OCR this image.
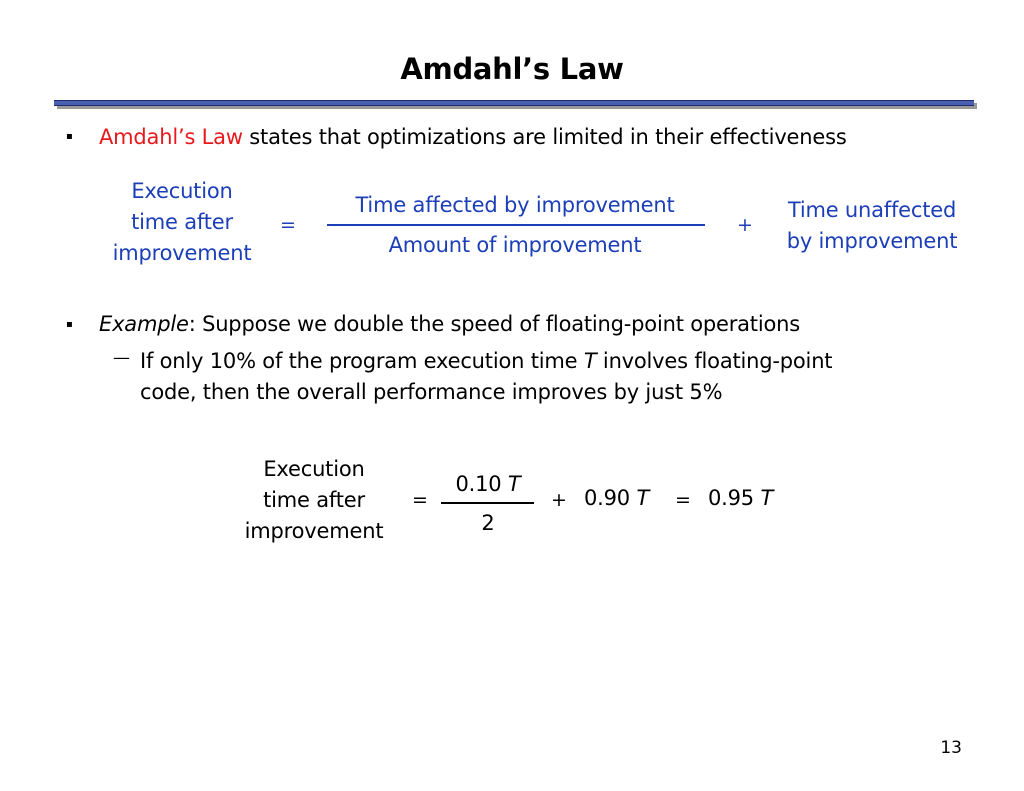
Amdahl’s Law
▪ Amdahl’s Law states that optimizations are limited in their effectiveness
Execution
time after
improvement
=
Time affected by improvement
Amount of improvement
+
Time unaffected
by improvement
▪ Example: Suppose we double the speed of floating-point operations
— If only 10% of the program execution time T involves floating-point
code, then the overall performance improves by just 5%
Execution
time after
improvement
=
0.10 T
2
+ 0.90 T = 0.95 T
13
